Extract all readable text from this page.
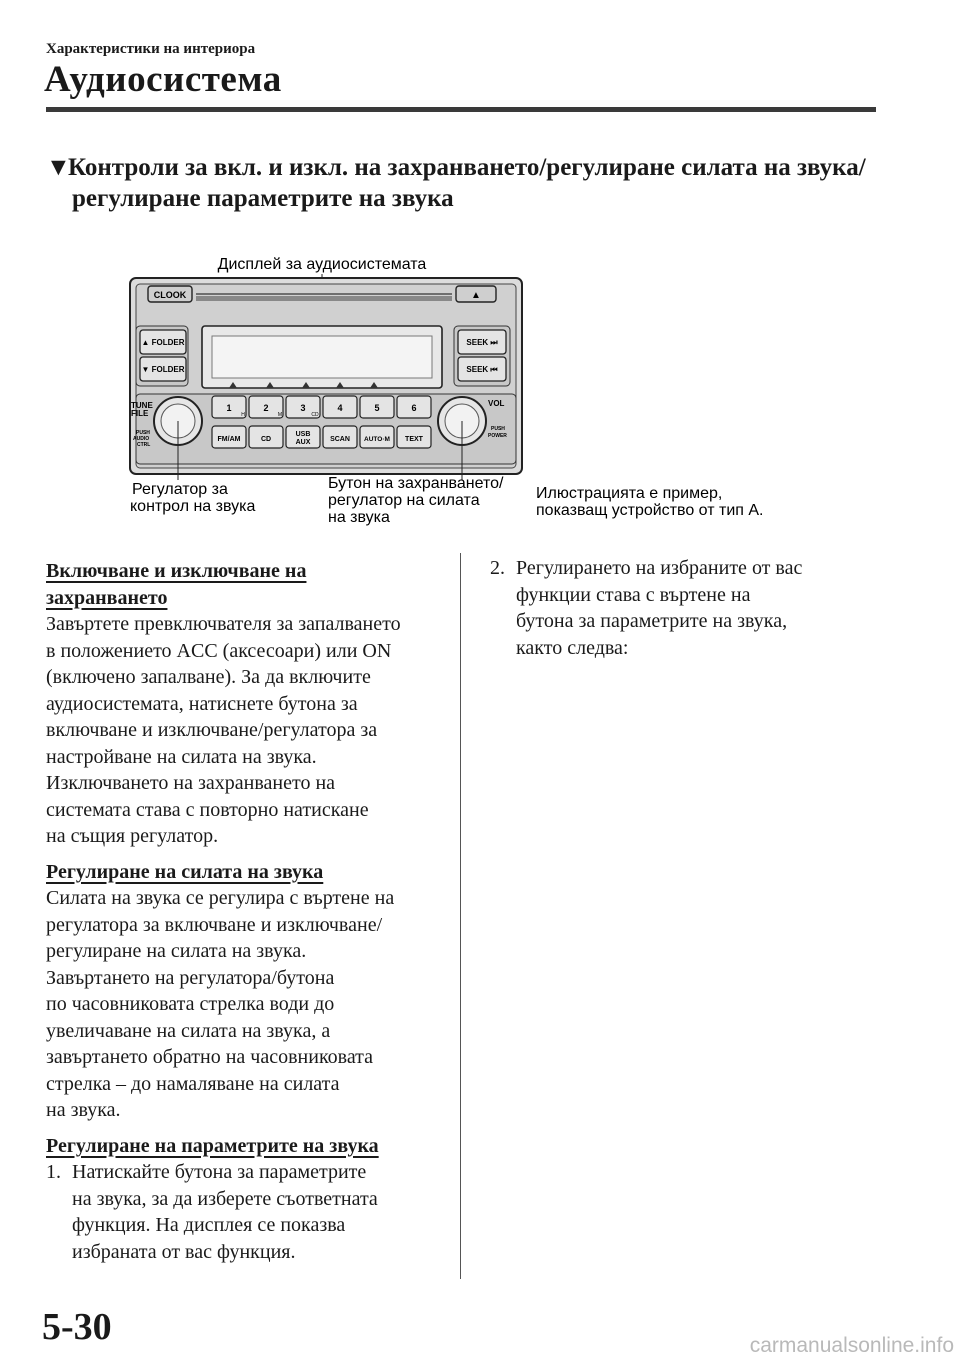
Характеристики на интериора
Аудиосистема
▼Контроли за вкл. и изкл. на захранването/регулиране силата на звука/
регулиране параметрите на звука
Дисплей за аудиосистемата
CLOOK	▲
▲ FOLDER
▼ FOLDER
SEEK ⏭
SEEK ⏮
TUNE
FILE
PUSH
AUDIO
CTRL
VOL
PUSH
POWER
1	2	3	4	5	6
H	M	CD
FM/AM	CD
USB
AUX	SCAN AUTO·M TEXT
Регулатор за
контрол на звука
Бутон на захранването/
регулатор на силата
на звука
Илюстрацията е пример,
показващ устройство от тип А.

Включване и изключване на
захранването

Завъртете превключвателя за запалването
в положението ACC (аксесоари) или ON
(включено запалване). За да включите
аудиосистемата, натиснете бутона за
включване и изключване/регулатора за
настройване на силата на звука.
Изключването на захранването на
системата става с повторно натискане
на същия регулатор.

Регулиране на силата на звука

Силата на звука се регулира с въртене на
регулатора за включване и изключване/
регулиране на силата на звука.
Завъртането на регулатора/бутона
по часовниковата стрелка води до
увеличаване на силата на звука, а
завъртането обратно на часовниковата
стрелка – до намаляване на силата
на звука.

Регулиране на параметрите на звука

1. Натискайте бутона за параметрите
на звука, за да изберете съответната
функция. На дисплея се показва
избраната от вас функция.
2. Регулирането на избраните от вас
функции става с въртене на
бутона за параметрите на звука,
както следва:
5-30	carmanualsonline.info
